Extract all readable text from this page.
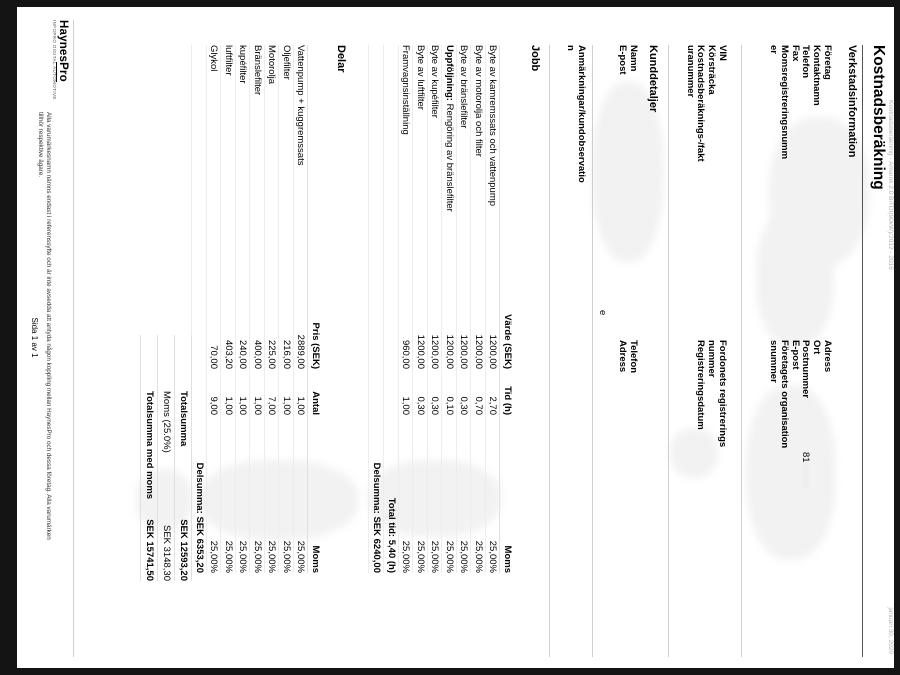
Kostnadsberäkning - Amarok 2.0 BiTDI(90kW)/2012 - 2016
januari 30, 2020
Kostnadsberäkning
Verkstadsinformation
Företag
Kontaktnamn
Telefon
Fax
Momsregistreringsnummer
Adress
Ort
Postnummer
81
E-post
Företagets organisationsnummer
VIN
Körsträcka
Kostnadsberäknings-/fakturanummer
Fordonets registreringsnummer
Registreringsdatum
Kunddetaljer
Namn
E-post
Telefon
Adress
e
Anmärkningar/kundobservatio
n
Jobb
Värde (SEK)
Tid (h)
Moms
Byte av kamremssats och vattenpump
1200,00
2,70
25,00%
Byte av motorolja och filter
1200,00
0,70
25,00%
Byte av bränslefilter
1200,00
0,30
25,00%
Uppföljning: Rengöring av bränslefilter
1200,00
0,10
25,00%
Byte av kupéfilter
1200,00
0,30
25,00%
Byte av luftfilter
1200,00
0,30
25,00%
Framvagnsinställning
960,00
1,00
25,00%
Total tid: 5,40 (h)
Delsumma: SEK 6240,00
Delar
Pris (SEK)
Antal
Moms
Vattenpump + kuggremssats
2889,00
1,00
25,00%
Oljefilter
216,00
1,00
25,00%
Motorolja
225,00
7,00
25,00%
Bränslefilter
400,00
1,00
25,00%
kupéfilter
240,00
1,00
25,00%
luftfilter
403,20
1,00
25,00%
Glykol
70,00
9,00
25,00%
Delsumma: SEK 6353,20
Totalsumma
SEK 12593,20
Moms (25.0%)
SEK 3148,30
Totalsumma med moms
SEK 15741,50
HaynesPro
INFOPRO DIGITAL AUTOMOTIVE
Alla varumärkesnamn nämns endast i referenssyfte och är inte avsedda att antyda någon koppling mellan HaynesPro och dessa företag. Alla varumärken
tillhör respektive ägare.
Sida 1 av 1
